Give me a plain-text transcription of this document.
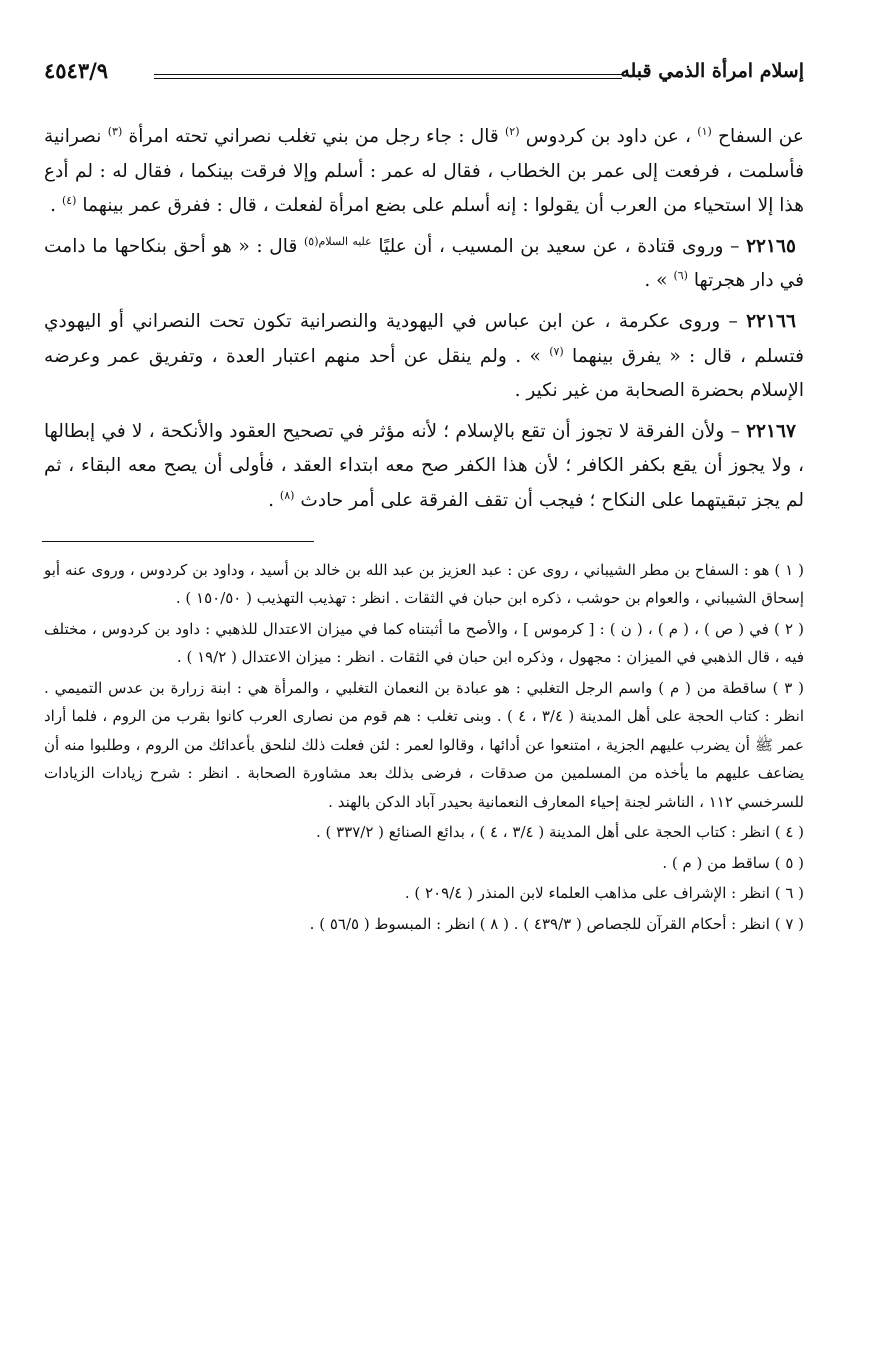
إسلام امرأة الذمي قبله
٤٥٤٣/٩

عن السفاح $^{(١)}$ ، عن داود بن كردوس $^{(٢)}$ قال : جاء رجل من بني تغلب نصراني تحته امرأة $^{(٣)}$ نصرانية فأسلمت ، فرفعت إلى عمر بن الخطاب ، فقال له عمر : أسلم وإلا فرقت بينكما ، فقال له : لم أدع هذا إلا استحياء من العرب أن يقولوا : إنه أسلم على بضع امرأة لفعلت ، قال : ففرق عمر بينهما $^{(٤)}$ .

٢٢١٦٥ – وروى قتادة ، عن سعيد بن المسيب ، أن عليًا $^{عليه السلام(٥)}$ قال : « هو أحق بنكاحها ما دامت في دار هجرتها $^{(٦)}$ » .

٢٢١٦٦ – وروى عكرمة ، عن ابن عباس في اليهودية والنصرانية تكون تحت النصراني أو اليهودي فتسلم ، قال : « يفرق بينهما $^{(٧)}$ » . ولم ينقل عن أحد منهم اعتبار العدة ، وتفريق عمر وعرضه الإسلام بحضرة الصحابة من غير نكير .

٢٢١٦٧ – ولأن الفرقة لا تجوز أن تقع بالإسلام ؛ لأنه مؤثر في تصحيح العقود والأنكحة ، لا في إبطالها ، ولا يجوز أن يقع بكفر الكافر ؛ لأن هذا الكفر صح معه ابتداء العقد ، فأولى أن يصح معه البقاء ، ثم لم يجز تبقيتهما على النكاح ؛ فيجب أن تقف الفرقة على أمر حادث $^{(٨)}$ .

( ١ ) هو : السفاح بن مطر الشيباني ، روى عن : عبد العزيز بن عبد الله بن خالد بن أسيد ، وداود بن كردوس ، وروى عنه أبو إسحاق الشيباني ، والعوام بن حوشب ، ذكره ابن حبان في الثقات . انظر : تهذيب التهذيب ( ١٥٠/٥٠ ) .

( ٢ ) في ( ص ) ، ( م ) ، ( ن ) : [ كرموس ] ، والأصح ما أثبتناه كما في ميزان الاعتدال للذهبي : داود بن كردوس ، مختلف فيه ، قال الذهبي في الميزان : مجهول ، وذكره ابن حبان في الثقات . انظر : ميزان الاعتدال ( ١٩/٢ ) .

( ٣ ) ساقطة من ( م ) واسم الرجل التغلبي : هو عبادة بن النعمان التغلبي ، والمرأة هي : ابنة زرارة بن عدس التميمي . انظر : كتاب الحجة على أهل المدينة ( ٣/٤ ، ٤ ) . وبنى تغلب : هم قوم من نصارى العرب كانوا بقرب من الروم ، فلما أراد عمر ﷺ أن يضرب عليهم الجزية ، امتنعوا عن أدائها ، وقالوا لعمر : لئن فعلت ذلك لنلحق بأعدائك من الروم ، وطلبوا منه أن يضاعف عليهم ما يأخذه من المسلمين من صدقات ، فرضى بذلك بعد مشاورة الصحابة . انظر : شرح زيادات الزيادات للسرخسي ١١٢ ، الناشر لجنة إحياء المعارف النعمانية بحيدر آباد الدكن بالهند .

( ٤ ) انظر : كتاب الحجة على أهل المدينة ( ٣/٤ ، ٤ ) ، بدائع الصنائع ( ٣٣٧/٢ ) .

( ٥ ) ساقط من ( م ) .

( ٦ ) انظر : الإشراف على مذاهب العلماء لابن المنذر ( ٢٠٩/٤ ) .

( ٧ ) انظر : أحكام القرآن للجصاص ( ٤٣٩/٣ ) . ( ٨ ) انظر : المبسوط ( ٥٦/٥ ) .
